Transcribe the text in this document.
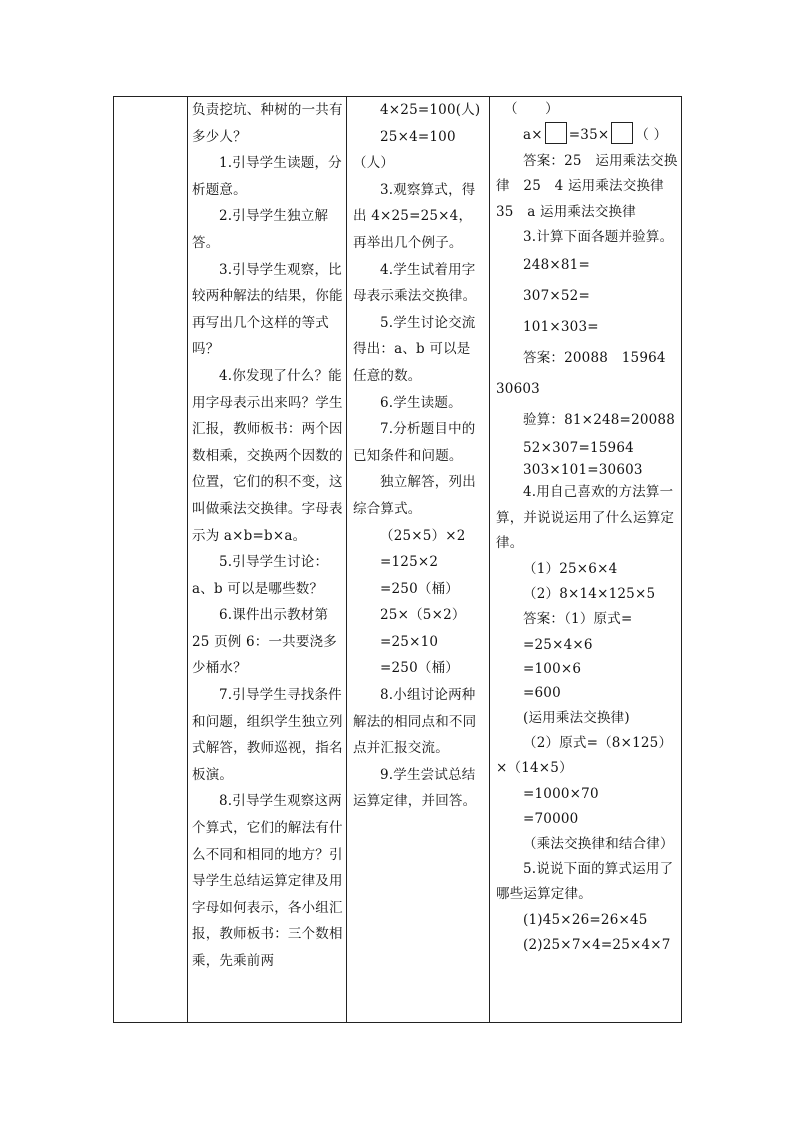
负责挖坑、种树的一共有多少人？

1.引导学生读题，分析题意。

2.引导学生独立解答。

3.引导学生观察，比较两种解法的结果，你能再写出几个这样的等式吗？

4.你发现了什么？能用字母表示出来吗？学生汇报，教师板书：两个因数相乘，交换两个因数的位置，它们的积不变，这叫做乘法交换律。字母表示为 a×b=b×a。

5.引导学生讨论：a、b 可以是哪些数？

6.课件出示教材第 25 页例 6：一共要浇多少桶水？

7.引导学生寻找条件和问题，组织学生独立列式解答，教师巡视，指名板演。

8.引导学生观察这两个算式，它们的解法有什么不同和相同的地方？引导学生总结运算定律及用字母如何表示，各小组汇报，教师板书：三个数相乘，先乘前两

4×25=100(人)

25×4=100（人）

3.观察算式，得出 4×25=25×4，再举出几个例子。

4.学生试着用字母表示乘法交换律。

5.学生讨论交流得出：a、b 可以是任意的数。

6.学生读题。

7.分析题目中的已知条件和问题。

独立解答，列出综合算式。

（25×5）×2

=125×2

=250（桶）

25×（5×2）

=25×10

=250（桶）

8.小组讨论两种解法的相同点和不同点并汇报交流。

9.学生尝试总结运算定律，并回答。

（　　）

a× =35× （ ）

答案：25　运用乘法交换律　25　4 运用乘法交换律　35　a 运用乘法交换律

3.计算下面各题并验算。

248×81=

307×52=

101×303=

答案：20088　15964　30603

验算：81×248=20088

52×307=15964

303×101=30603

4.用自己喜欢的方法算一算，并说说运用了什么运算定律。

（1）25×6×4

（2）8×14×125×5

答案：（1）原式=

=25×4×6

=100×6

=600

(运用乘法交换律)

（2）原式=（8×125）×（14×5）

=1000×70

=70000

（乘法交换律和结合律）

5.说说下面的算式运用了哪些运算定律。

(1)45×26=26×45

(2)25×7×4=25×4×7
